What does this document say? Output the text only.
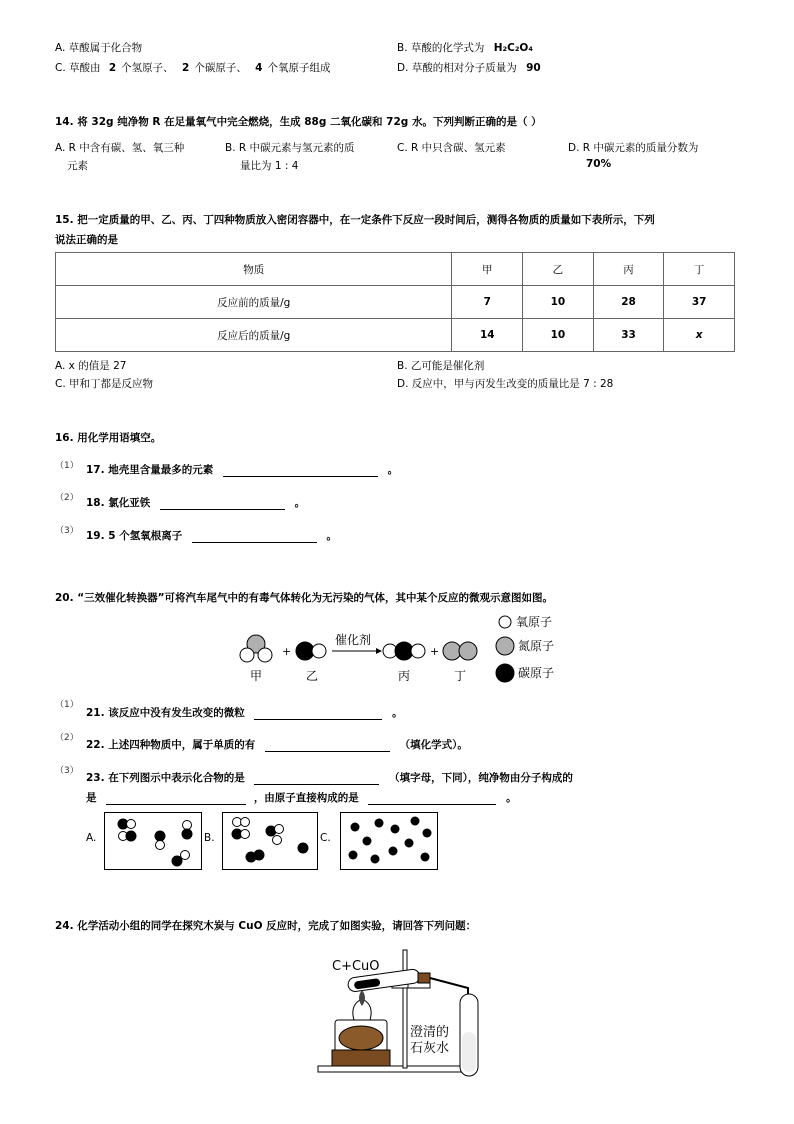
A. 草酸属于化合物	B. 草酸的化学式为 H₂C₂O₄
C. 草酸由 2 个氢原子、 2 个碳原子、 4 个氧原子组成	D. 草酸的相对分子质量为 90
14. 将 32g 纯净物 R 在足量氧气中完全燃烧，生成 88g 二氧化碳和 72g 水。下列判断正确的是（ ）
A. R 中含有碳、氢、氧三种
元素
B. R 中碳元素与氢元素的质
量比为 1 : 4
C. R 中只含碳、氢元素	D. R 中碳元素的质量分数为
70%
15. 把一定质量的甲、乙、丙、丁四种物质放入密闭容器中，在一定条件下反应一段时间后，测得各物质的质量如下表所示，下列
说法正确的是
物质	甲	乙	丙	丁
反应前的质量/g	7	10	28	37
反应后的质量/g	14	10	33	x
A. x 的值是 27	B. 乙可能是催化剂
C. 甲和丁都是反应物	D. 反应中，甲与丙发生改变的质量比是 7 : 28
16. 用化学用语填空。
（1） 17. 地壳里含量最多的元素	。
（2） 18. 氯化亚铁	。
（3） 19. 5 个氢氧根离子	。
20. “三效催化转换器”可将汽车尾气中的有毒气体转化为无污染的气体，其中某个反应的微观示意图如图。
+
催化剂
+
甲	乙	丙	丁
氧原子
氮原子
碳原子
（1）
21. 该反应中没有发生改变的微粒	。
（2）
22. 上述四种物质中，属于单质的有	（填化学式）。
（3）
23. 在下列图示中表示化合物的是	（填字母，下同），纯净物由分子构成的
是	，由原子直接构成的是	。
A.	B.	C.
24. 化学活动小组的同学在探究木炭与 CuO 反应时，完成了如图实验，请回答下列问题：
C+CuO
澄清的
石灰水
